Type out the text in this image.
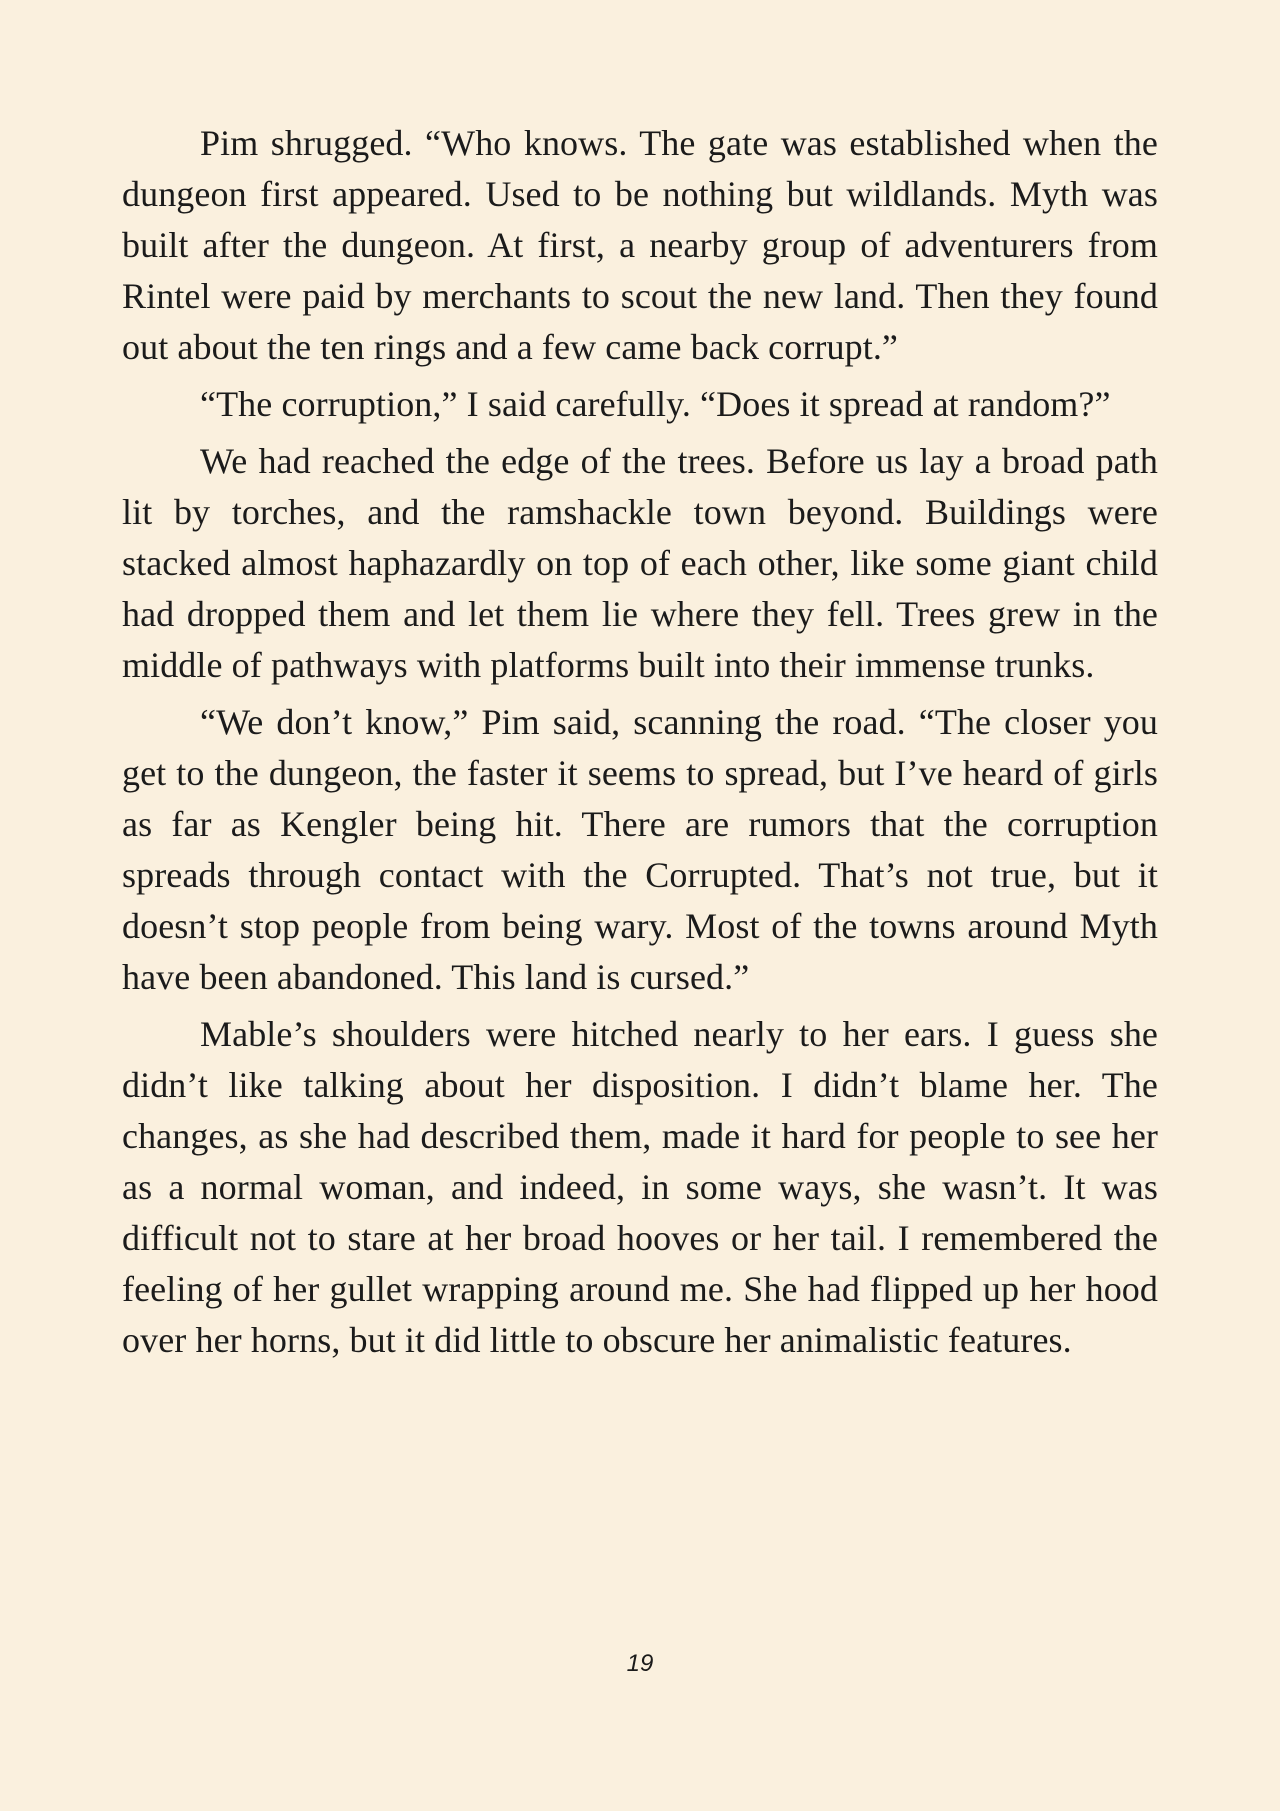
Pim shrugged. “Who knows. The gate was established when the dungeon first appeared. Used to be nothing but wildlands. Myth was built after the dungeon. At first, a nearby group of adventurers from Rintel were paid by merchants to scout the new land. Then they found out about the ten rings and a few came back corrupt.”

“The corruption,” I said carefully. “Does it spread at random?”

We had reached the edge of the trees. Before us lay a broad path lit by torches, and the ramshackle town beyond. Buildings were stacked almost haphazardly on top of each other, like some giant child had dropped them and let them lie where they fell. Trees grew in the middle of pathways with platforms built into their immense trunks.

“We don’t know,” Pim said, scanning the road. “The closer you get to the dungeon, the faster it seems to spread, but I’ve heard of girls as far as Kengler being hit. There are rumors that the corruption spreads through contact with the Corrupted. That’s not true, but it doesn’t stop people from being wary. Most of the towns around Myth have been abandoned. This land is cursed.”

Mable’s shoulders were hitched nearly to her ears. I guess she didn’t like talking about her disposition. I didn’t blame her. The changes, as she had described them, made it hard for people to see her as a normal woman, and indeed, in some ways, she wasn’t. It was difficult not to stare at her broad hooves or her tail. I remembered the feeling of her gullet wrapping around me. She had flipped up her hood over her horns, but it did little to obscure her animalistic features.

19
